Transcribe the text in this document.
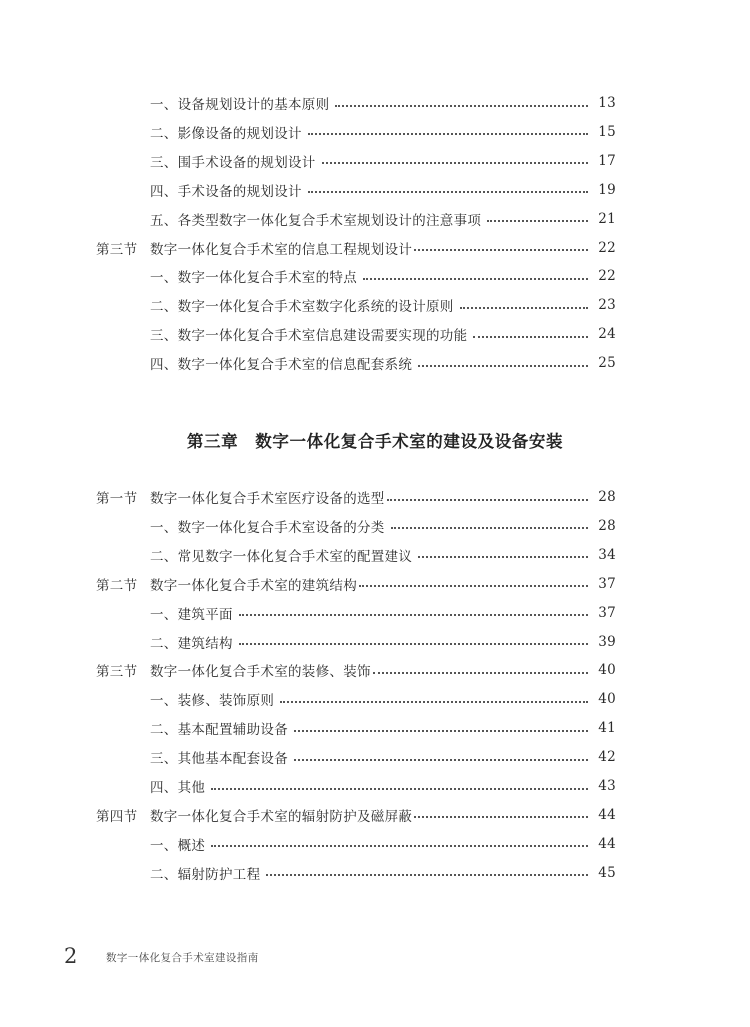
一、设备规划设计的基本原则	13
二、影像设备的规划设计	15
三、围手术设备的规划设计	17
四、手术设备的规划设计	19
五、各类型数字一体化复合手术室规划设计的注意事项	21
第三节 数字一体化复合手术室的信息工程规划设计	22
一、数字一体化复合手术室的特点	22
二、数字一体化复合手术室数字化系统的设计原则	23
三、数字一体化复合手术室信息建设需要实现的功能	24
四、数字一体化复合手术室的信息配套系统	25
第三章　数字一体化复合手术室的建设及设备安装
第一节 数字一体化复合手术室医疗设备的选型	28
一、数字一体化复合手术室设备的分类	28
二、常见数字一体化复合手术室的配置建议	34
第二节 数字一体化复合手术室的建筑结构	37
一、建筑平面	37
二、建筑结构	39
第三节 数字一体化复合手术室的装修、装饰	40
一、装修、装饰原则	40
二、基本配置辅助设备	41
三、其他基本配套设备	42
四、其他	43
第四节 数字一体化复合手术室的辐射防护及磁屏蔽	44
一、概述	44
二、辐射防护工程	45
2	数字一体化复合手术室建设指南
